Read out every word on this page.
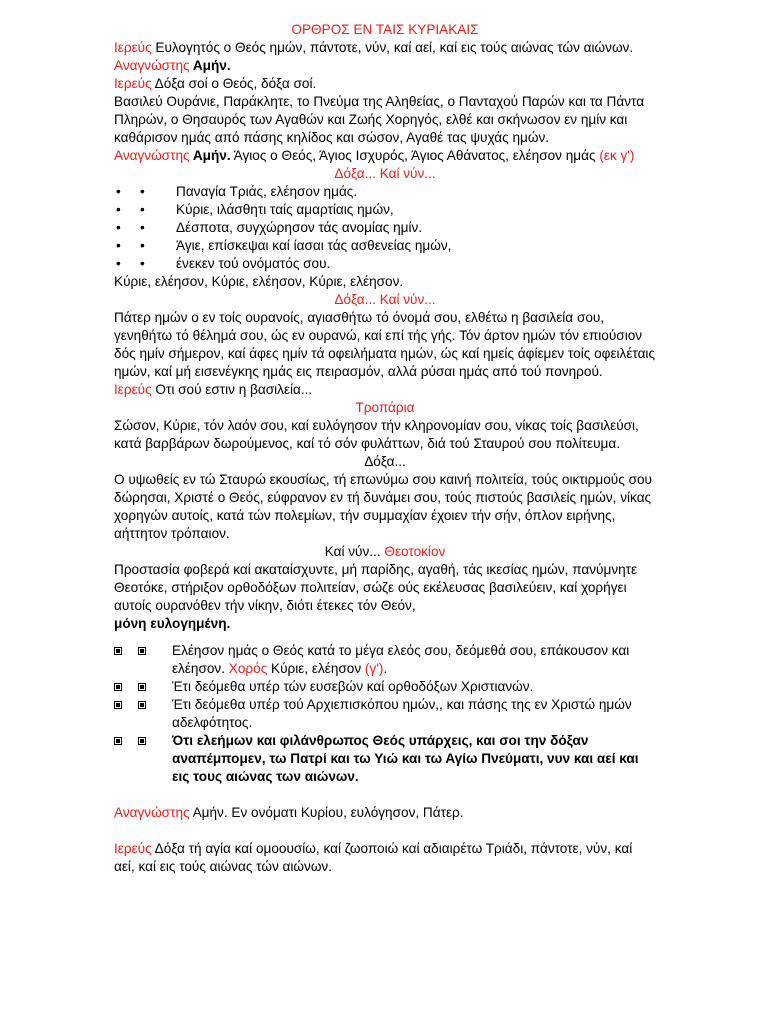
ΟΡΘΡΟΣ ΕΝ ΤΑΙΣ ΚΥΡΙΑΚΑΙΣ

Ιερεύς Ευλογητός ο Θεός ημών, πάντοτε, νύν, καί αεί, καί εις τούς αιώνας τών αιώνων.

Αναγνώστης Αμήν.

Ιερεύς Δόξα σοί ο Θεός, δόξα σοί.

Βασιλεύ Ουράνιε, Παράκλητε, το Πνεύμα της Αληθείας, ο Πανταχού Παρών και τα Πάντα Πληρών, ο Θησαυρός των Αγαθών και Ζωής Χορηγός, ελθέ και σκήνωσον εν ημίν και καθάρισον ημάς από πάσης κηλίδος και σώσον, Αγαθέ τας ψυχάς ημών.

Αναγνώστης Αμήν. Άγιος ο Θεός, Άγιος Ισχυρός, Άγιος Αθάνατος, ελέησον ημάς (εκ γ')

Δόξα... Καί νύν...

• • Παναγία Τριάς, ελέησον ημάς.

• • Κύριε, ιλάσθητι ταίς αμαρτίαις ημών,

• • Δέσποτα, συγχώρησον τάς ανομίας ημίν.

• • Άγιε, επίσκεψαι καί ίασαι τάς ασθενείας ημών,

• • ένεκεν τού ονόματός σου.

Κύριε, ελέησον, Κύριε, ελέησον, Κύριε, ελέησον.

Δόξα... Καί νύν...

Πάτερ ημών ο εν τοίς ουρανοίς, αγιασθήτω τό όνομά σου, ελθέτω η βασιλεία σου, γενηθήτω τό θέλημά σου, ώς εν ουρανώ, καί επί τής γής. Τόν άρτον ημών τόν επιούσιον δός ημίν σήμερον, καί άφες ημίν τά οφειλήματα ημών, ώς καί ημείς άφίεμεν τοίς οφειλέταις ημών, καί μή εισενέγκης ημάς εις πειρασμόν, αλλά ρύσαι ημάς από τού πονηρού.

Ιερεύς Οτι σού εστιν η βασιλεία...

Τροπάρια

Σώσον, Κύριε, τόν λαόν σου, καί ευλόγησον τήν κληρονομίαν σου, νίκας τοίς βασιλεύσι, κατά βαρβάρων δωρούμενος, καί τό σόν φυλάττων, διά τού Σταυρού σου πολίτευμα.

Δόξα...

Ο υψωθείς εν τώ Σταυρώ εκουσίως, τή επωνύμω σου καινή πολιτεία, τούς οικτιρμούς σου δώρησαι, Χριστέ ο Θεός, εύφρανον εν τή δυνάμει σου, τούς πιστούς βασιλείς ημών, νίκας χορηγών αυτοίς, κατά τών πολεμίων, τήν συμμαχίαν έχοιεν τήν σήν, όπλον ειρήνης, αήττητον τρόπαιον.

Καί νύν... Θεοτοκίον

Προστασία φοβερά καί ακαταίσχυντε, μή παρίδης, αγαθή, τάς ικεσίας ημών, πανύμνητε Θεοτόκε, στήριξον ορθοδόξων πολιτείαν, σώζε ούς εκέλευσας βασιλεύειν, καί χορήγει αυτοίς ουρανόθεν τήν νίκην, διότι έτεκες τόν Θεόν,
μόνη ευλογημένη.

Ελέησον ημάς ο Θεός κατά το μέγα ελεός σου, δεόμεθά σου, επάκουσον και ελέησον. Χορός Κύριε, ελέησον (γ').

Έτι δεόμεθα υπέρ τών ευσεβών καί ορθοδόξων Χριστιανών.

Έτι δεόμεθα υπέρ τού Αρχιεπισκόπου ημών,, και πάσης της εν Χριστώ ημών αδελφότητος.

Ότι ελεήμων και φιλάνθρωπος Θεός υπάρχεις, και σοι την δόξαν αναπέμπομεν, τω Πατρί και τω Υιώ και τω Αγίω Πνεύματι, νυν και αεί και εις τους αιώνας των αιώνων.

Αναγνώστης Αμήν. Εν ονόματι Κυρίου, ευλόγησον, Πάτερ.

Ιερεύς Δόξα τή αγία καί ομοουσίω, καί ζωοποιώ καί αδιαιρέτω Τριάδι, πάντοτε, νύν, καί αεί, καί εις τούς αιώνας τών αιώνων.
